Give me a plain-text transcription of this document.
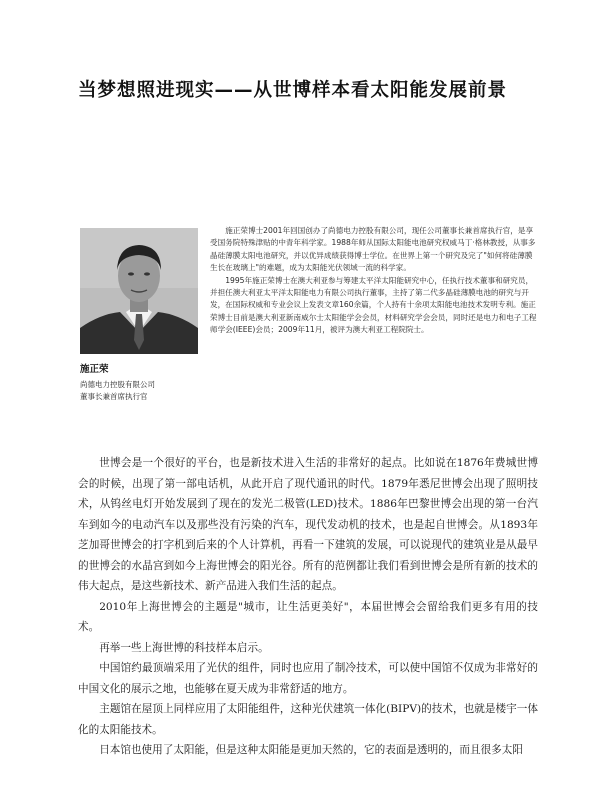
当梦想照进现实——从世博样本看太阳能发展前景

施正荣

尚德电力控股有限公司
董事长兼首席执行官

施正荣博士2001年回国创办了尚德电力控股有限公司，现任公司董事长兼首席执行官，是享受国务院特殊津贴的中青年科学家。1988年师从国际太阳能电池研究权威马丁·格林教授，从事多晶硅薄膜太阳电池研究，并以优异成绩获得博士学位。在世界上第一个研究及完了"如何将硅薄膜生长在玻璃上"的难题，成为太阳能光伏领域一流的科学家。

1995年施正荣博士在澳大利亚参与筹建太平洋太阳能研究中心，任执行技术董事和研究员，并担任澳大利亚太平洋太阳能电力有限公司执行董事，主持了第二代多晶硅薄膜电池的研究与开发，在国际权威和专业会议上发表文章160余篇，个人持有十余项太阳能电池技术发明专利。施正荣博士目前是澳大利亚新南威尔士太阳能学会会员，材料研究学会会员，同时还是电力和电子工程师学会(IEEE)会员；2009年11月，被评为澳大利亚工程院院士。

世博会是一个很好的平台，也是新技术进入生活的非常好的起点。比如说在1876年费城世博会的时候，出现了第一部电话机，从此开启了现代通讯的时代。1879年悉尼世博会出现了照明技术，从钨丝电灯开始发展到了现在的发光二极管(LED)技术。1886年巴黎世博会出现的第一台汽车到如今的电动汽车以及那些没有污染的汽车，现代发动机的技术，也是起自世博会。从1893年芝加哥世博会的打字机到后来的个人计算机，再看一下建筑的发展，可以说现代的建筑业是从最早的世博会的水晶宫到如今上海世博会的阳光谷。所有的范例都让我们看到世博会是所有新的技术的伟大起点，是这些新技术、新产品进入我们生活的起点。

2010年上海世博会的主题是"城市，让生活更美好"，本届世博会会留给我们更多有用的技术。

再举一些上海世博的科技样本启示。

中国馆约最顶端采用了光伏的组件，同时也应用了制冷技术，可以使中国馆不仅成为非常好的中国文化的展示之地，也能够在夏天成为非常舒适的地方。

主题馆在屋顶上同样应用了太阳能组件，这种光伏建筑一体化(BIPV)的技术，也就是楼宇一体化的太阳能技术。

日本馆也使用了太阳能，但是这种太阳能是更加天然的，它的表面是透明的，而且很多太阳
